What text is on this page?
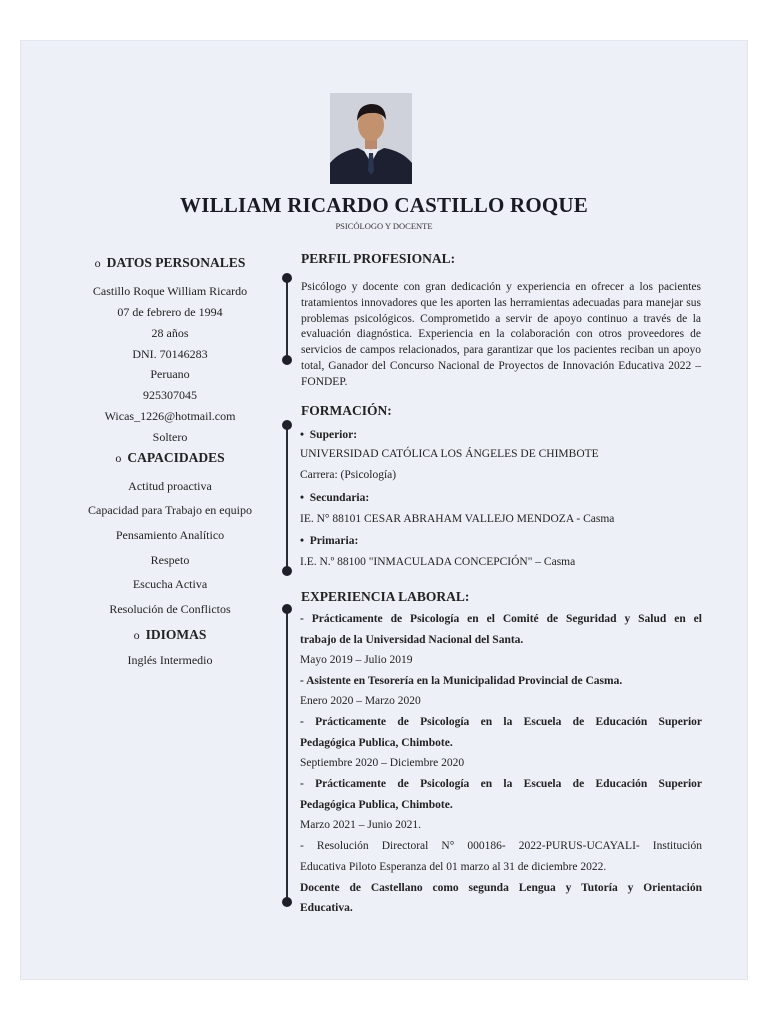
WILLIAM RICARDO CASTILLO ROQUE
PSICÓLOGO Y DOCENTE
o DATOS PERSONALES
Castillo Roque William Ricardo
07 de febrero de 1994
28 años
DNI. 70146283
Peruano
925307045
Wicas_1226@hotmail.com
Soltero
o CAPACIDADES
Actitud proactiva
Capacidad para Trabajo en equipo
Pensamiento Analítico
Respeto
Escucha Activa
Resolución de Conflictos
o IDIOMAS
Inglés Intermedio
PERFIL PROFESIONAL:
Psicólogo y docente con gran dedicación y experiencia en ofrecer a los pacientes tratamientos innovadores que les aporten las herramientas adecuadas para manejar sus problemas psicológicos. Comprometido a servir de apoyo continuo a través de la evaluación diagnóstica. Experiencia en la colaboración con otros proveedores de servicios de campos relacionados, para garantizar que los pacientes reciban un apoyo total, Ganador del Concurso Nacional de Proyectos de Innovación Educativa 2022 – FONDEP.
FORMACIÓN:
• Superior:
UNIVERSIDAD CATÓLICA LOS ÁNGELES DE CHIMBOTE
Carrera: (Psicología)
• Secundaria:
IE. N° 88101 CESAR ABRAHAM VALLEJO MENDOZA - Casma
• Primaria:
I.E. N.º 88100 "INMACULADA CONCEPCIÓN" – Casma
EXPERIENCIA LABORAL:
- Prácticamente de Psicología en el Comité de Seguridad y Salud en el
trabajo de la Universidad Nacional del Santa.
Mayo 2019 – Julio 2019
- Asistente en Tesorería en la Municipalidad Provincial de Casma.
Enero 2020 – Marzo 2020
- Prácticamente de Psicología en la Escuela de Educación Superior
Pedagógica Publica, Chimbote.
Septiembre 2020 – Diciembre 2020
- Prácticamente de Psicología en la Escuela de Educación Superior
Pedagógica Publica, Chimbote.
Marzo 2021 – Junio 2021.
- Resolución Directoral N° 000186- 2022-PURUS-UCAYALI- Institución
Educativa Piloto Esperanza del 01 marzo al 31 de diciembre 2022.
Docente de Castellano como segunda Lengua y Tutoría y Orientación
Educativa.
